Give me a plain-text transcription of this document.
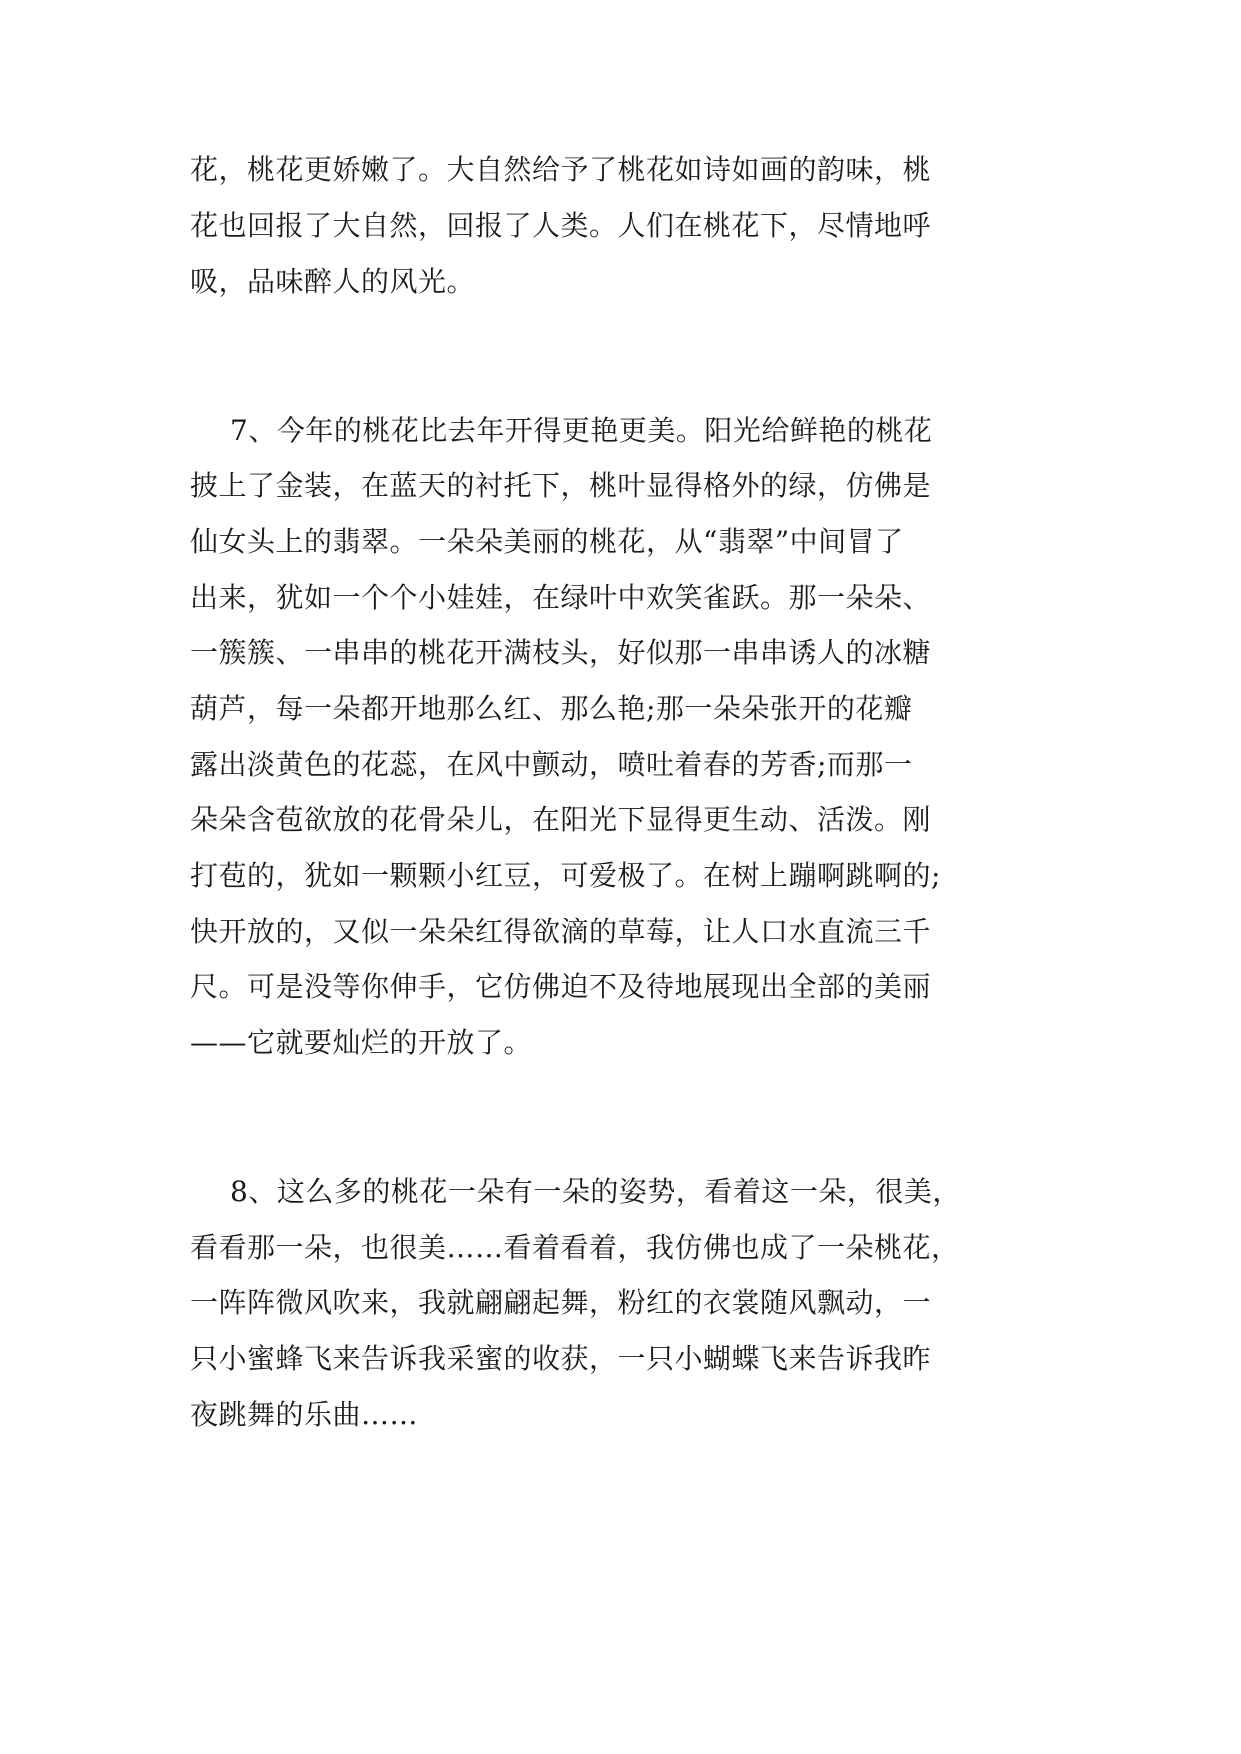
花，桃花更娇嫩了。大自然给予了桃花如诗如画的韵味，桃
花也回报了大自然，回报了人类。人们在桃花下，尽情地呼
吸，品味醉人的风光。
7、今年的桃花比去年开得更艳更美。阳光给鲜艳的桃花
披上了金装，在蓝天的衬托下，桃叶显得格外的绿，仿佛是
仙女头上的翡翠。一朵朵美丽的桃花，从“翡翠”中间冒了
出来，犹如一个个小娃娃，在绿叶中欢笑雀跃。那一朵朵、
一簇簇、一串串的桃花开满枝头，好似那一串串诱人的冰糖
葫芦，每一朵都开地那么红、那么艳;那一朵朵张开的花瓣
露出淡黄色的花蕊，在风中颤动，喷吐着春的芳香;而那一
朵朵含苞欲放的花骨朵儿，在阳光下显得更生动、活泼。刚
打苞的，犹如一颗颗小红豆，可爱极了。在树上蹦啊跳啊的;
快开放的，又似一朵朵红得欲滴的草莓，让人口水直流三千
尺。可是没等你伸手，它仿佛迫不及待地展现出全部的美丽
——它就要灿烂的开放了。
8、这么多的桃花一朵有一朵的姿势，看着这一朵，很美，
看看那一朵，也很美……看着看着，我仿佛也成了一朵桃花，
一阵阵微风吹来，我就翩翩起舞，粉红的衣裳随风飘动，一
只小蜜蜂飞来告诉我采蜜的收获，一只小蝴蝶飞来告诉我昨
夜跳舞的乐曲……
